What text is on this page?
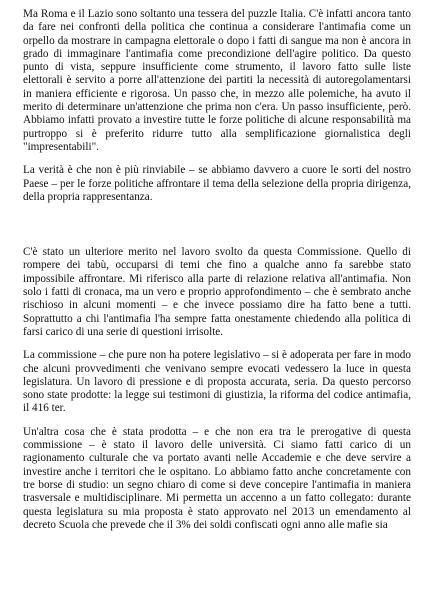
Ma Roma e il Lazio sono soltanto una tessera del puzzle Italia. C'è infatti ancora tanto da fare nei confronti della politica che continua a considerare l'antimafia come un orpello da mostrare in campagna elettorale o dopo i fatti di sangue ma non è ancora in grado di immaginare l'antimafia come precondizione dell'agire politico. Da questo punto di vista, seppure insufficiente come strumento, il lavoro fatto sulle liste elettorali è servito a porre all'attenzione dei partiti la necessità di autoregolamentarsi in maniera efficiente e rigorosa. Un passo che, in mezzo alle polemiche, ha avuto il merito di determinare un'attenzione che prima non c'era. Un passo insufficiente, però. Abbiamo infatti provato a investire tutte le forze politiche di alcune responsabilità ma purtroppo si è preferito ridurre tutto alla semplificazione giornalistica degli "impresentabili".

La verità è che non è più rinviabile – se abbiamo davvero a cuore le sorti del nostro Paese – per le forze politiche affrontare il tema della selezione della propria dirigenza, della propria rappresentanza.

C'è stato un ulteriore merito nel lavoro svolto da questa Commissione. Quello di rompere dei tabù, occuparsi di temi che fino a qualche anno fa sarebbe stato impossibile affrontare. Mi riferisco alla parte di relazione relativa all'antimafia. Non solo i fatti di cronaca, ma un vero e proprio approfondimento – che è sembrato anche rischioso in alcuni momenti – e che invece possiamo dire ha fatto bene a tutti. Soprattutto a chi l'antimafia l'ha sempre fatta onestamente chiedendo alla politica di farsi carico di una serie di questioni irrisolte.

La commissione – che pure non ha potere legislativo – si è adoperata per fare in modo che alcuni provvedimenti che venivano sempre evocati vedessero la luce in questa legislatura. Un lavoro di pressione e di proposta accurata, seria. Da questo percorso sono state prodotte: la legge sui testimoni di giustizia, la riforma del codice antimafia, il 416 ter.

Un'altra cosa che è stata prodotta – e che non era tra le prerogative di questa commissione – è stato il lavoro delle università. Ci siamo fatti carico di un ragionamento culturale che va portato avanti nelle Accademie e che deve servire a investire anche i territori che le ospitano. Lo abbiamo fatto anche concretamente con tre borse di studio: un segno chiaro di come si deve concepire l'antimafia in maniera trasversale e multidisciplinare. Mi permetta un accenno a un fatto collegato: durante questa legislatura su mia proposta è stato approvato nel 2013 un emendamento al decreto Scuola che prevede che il 3% dei soldi confiscati ogni anno alle mafie sia
